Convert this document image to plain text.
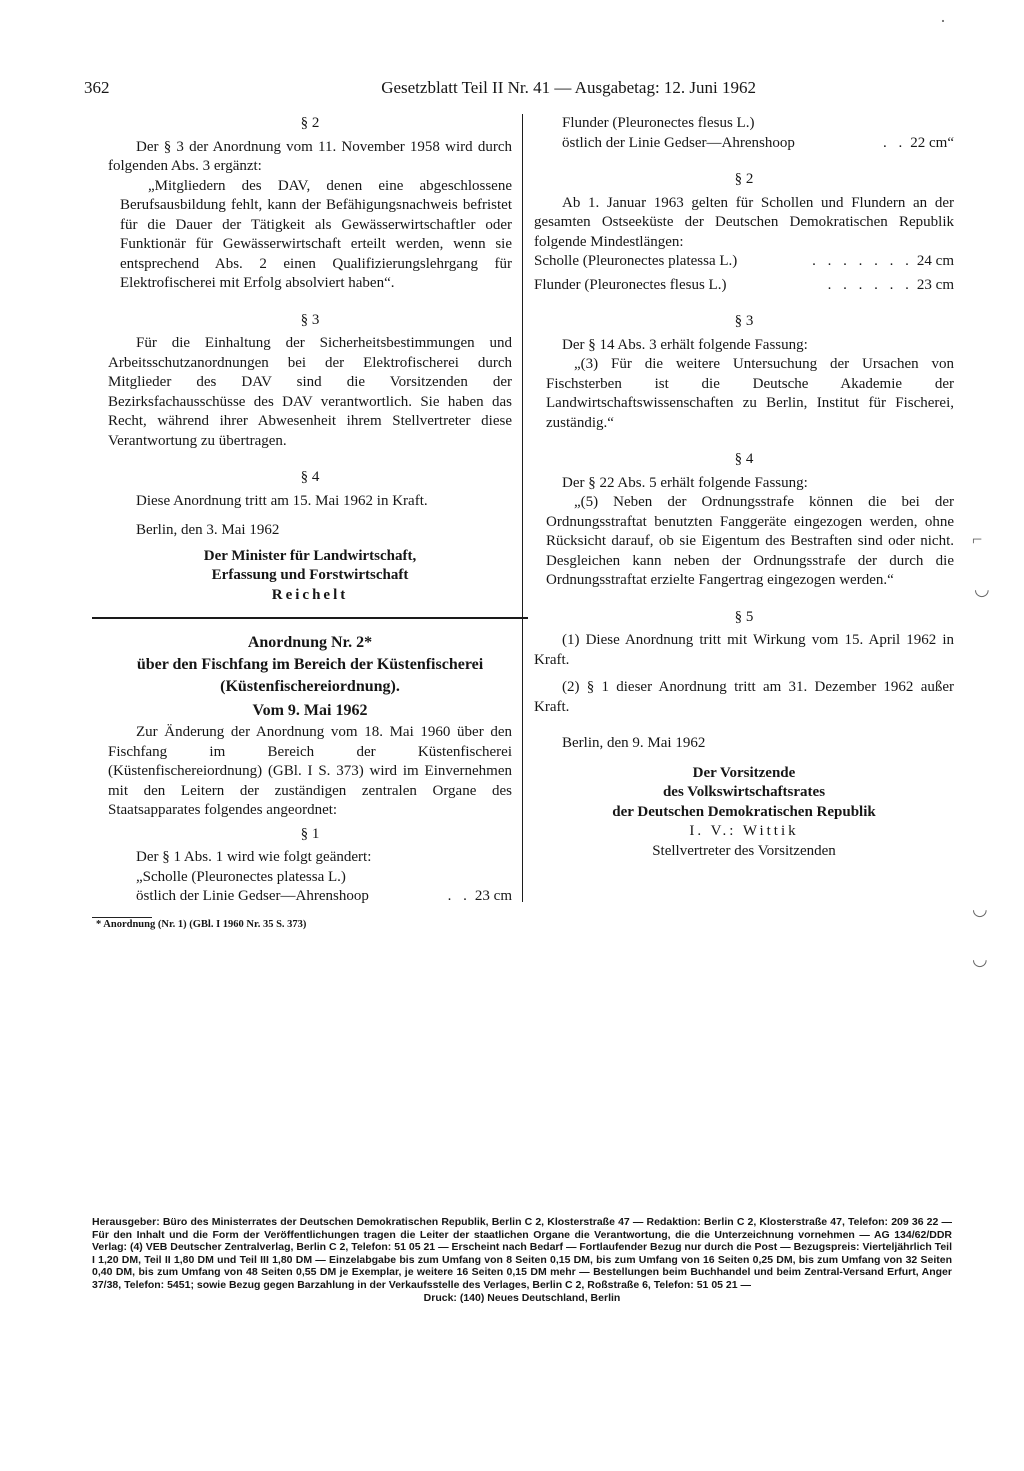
362	Gesetzblatt Teil II Nr. 41 — Ausgabetag: 12. Juni 1962

§ 2

Der § 3 der Anordnung vom 11. November 1958 wird durch folgenden Abs. 3 ergänzt:

„Mitgliedern des DAV, denen eine abgeschlossene Berufsausbildung fehlt, kann der Befähigungsnachweis befristet für die Dauer der Tätigkeit als Gewässerwirtschaftler oder Funktionär für Gewässerwirtschaft erteilt werden, wenn sie entsprechend Abs. 2 einen Qualifizierungslehrgang für Elektrofischerei mit Erfolg absolviert haben“.

§ 3

Für die Einhaltung der Sicherheitsbestimmungen und Arbeitsschutzanordnungen bei der Elektrofischerei durch Mitglieder des DAV sind die Vorsitzenden der Bezirksfachausschüsse des DAV verantwortlich. Sie haben das Recht, während ihrer Abwesenheit ihrem Stellvertreter diese Verantwortung zu übertragen.

§ 4

Diese Anordnung tritt am 15. Mai 1962 in Kraft.

Berlin, den 3. Mai 1962

Der Minister für Landwirtschaft,

Erfassung und Forstwirtschaft

Reichelt

Anordnung Nr. 2*

über den Fischfang im Bereich der Küstenfischerei

(Küstenfischereiordnung).

Vom 9. Mai 1962

Zur Änderung der Anordnung vom 18. Mai 1960 über den Fischfang im Bereich der Küstenfischerei (Küstenfischereiordnung) (GBl. I S. 373) wird im Einvernehmen mit den Leitern der zuständigen zentralen Organe des Staatsapparates folgendes angeordnet:

§ 1

Der § 1 Abs. 1 wird wie folgt geändert:

„Scholle (Pleuronectes platessa L.)

östlich der Linie Gedser—Ahrenshoop	. . 23 cm

* Anordnung (Nr. 1) (GBl. I 1960 Nr. 35 S. 373)

Flunder (Pleuronectes flesus L.)

östlich der Linie Gedser—Ahrenshoop	. . 22 cm“

§ 2

Ab 1. Januar 1963 gelten für Schollen und Flundern an der gesamten Ostseeküste der Deutschen Demokratischen Republik folgende Mindestlängen:

Scholle (Pleuronectes platessa L.)	. . . . . . . 24 cm
Flunder (Pleuronectes flesus L.)	. . . . . . 23 cm

§ 3

Der § 14 Abs. 3 erhält folgende Fassung:

„(3) Für die weitere Untersuchung der Ursachen von Fischsterben ist die Deutsche Akademie der Landwirtschaftswissenschaften zu Berlin, Institut für Fischerei, zuständig.“

§ 4

Der § 22 Abs. 5 erhält folgende Fassung:

„(5) Neben der Ordnungsstrafe können die bei der Ordnungsstraftat benutzten Fanggeräte eingezogen werden, ohne Rücksicht darauf, ob sie Eigentum des Bestraften sind oder nicht. Desgleichen kann neben der Ordnungsstrafe der durch die Ordnungsstraftat erzielte Fangertrag eingezogen werden.“

§ 5

(1) Diese Anordnung tritt mit Wirkung vom 15. April 1962 in Kraft.

(2) § 1 dieser Anordnung tritt am 31. Dezember 1962 außer Kraft.

Berlin, den 9. Mai 1962

Der Vorsitzende

des Volkswirtschaftsrates

der Deutschen Demokratischen Republik

I. V.: Wittik

Stellvertreter des Vorsitzenden

Herausgeber: Büro des Ministerrates der Deutschen Demokratischen Republik, Berlin C 2, Klosterstraße 47 — Redaktion: Berlin C 2, Klosterstraße 47, Telefon: 209 36 22 — Für den Inhalt und die Form der Veröffentlichungen tragen die Leiter der staatlichen Organe die Verantwortung, die die Unterzeichnung vornehmen — AG 134/62/DDR Verlag: (4) VEB Deutscher Zentralverlag, Berlin C 2, Telefon: 51 05 21 — Erscheint nach Bedarf — Fortlaufender Bezug nur durch die Post — Bezugspreis: Vierteljährlich Teil I 1,20 DM, Teil II 1,80 DM und Teil III 1,80 DM — Einzelabgabe bis zum Umfang von 8 Seiten 0,15 DM, bis zum Umfang von 16 Seiten 0,25 DM, bis zum Umfang von 32 Seiten 0,40 DM, bis zum Umfang von 48 Seiten 0,55 DM je Exemplar, je weitere 16 Seiten 0,15 DM mehr — Bestellungen beim Buchhandel und beim Zentral-Versand Erfurt, Anger 37/38, Telefon: 5451; sowie Bezug gegen Barzahlung in der Verkaufsstelle des Verlages, Berlin C 2, Roßstraße 6, Telefon: 51 05 21 —

Druck: (140) Neues Deutschland, Berlin

·
⌐
◡
◡
◡
